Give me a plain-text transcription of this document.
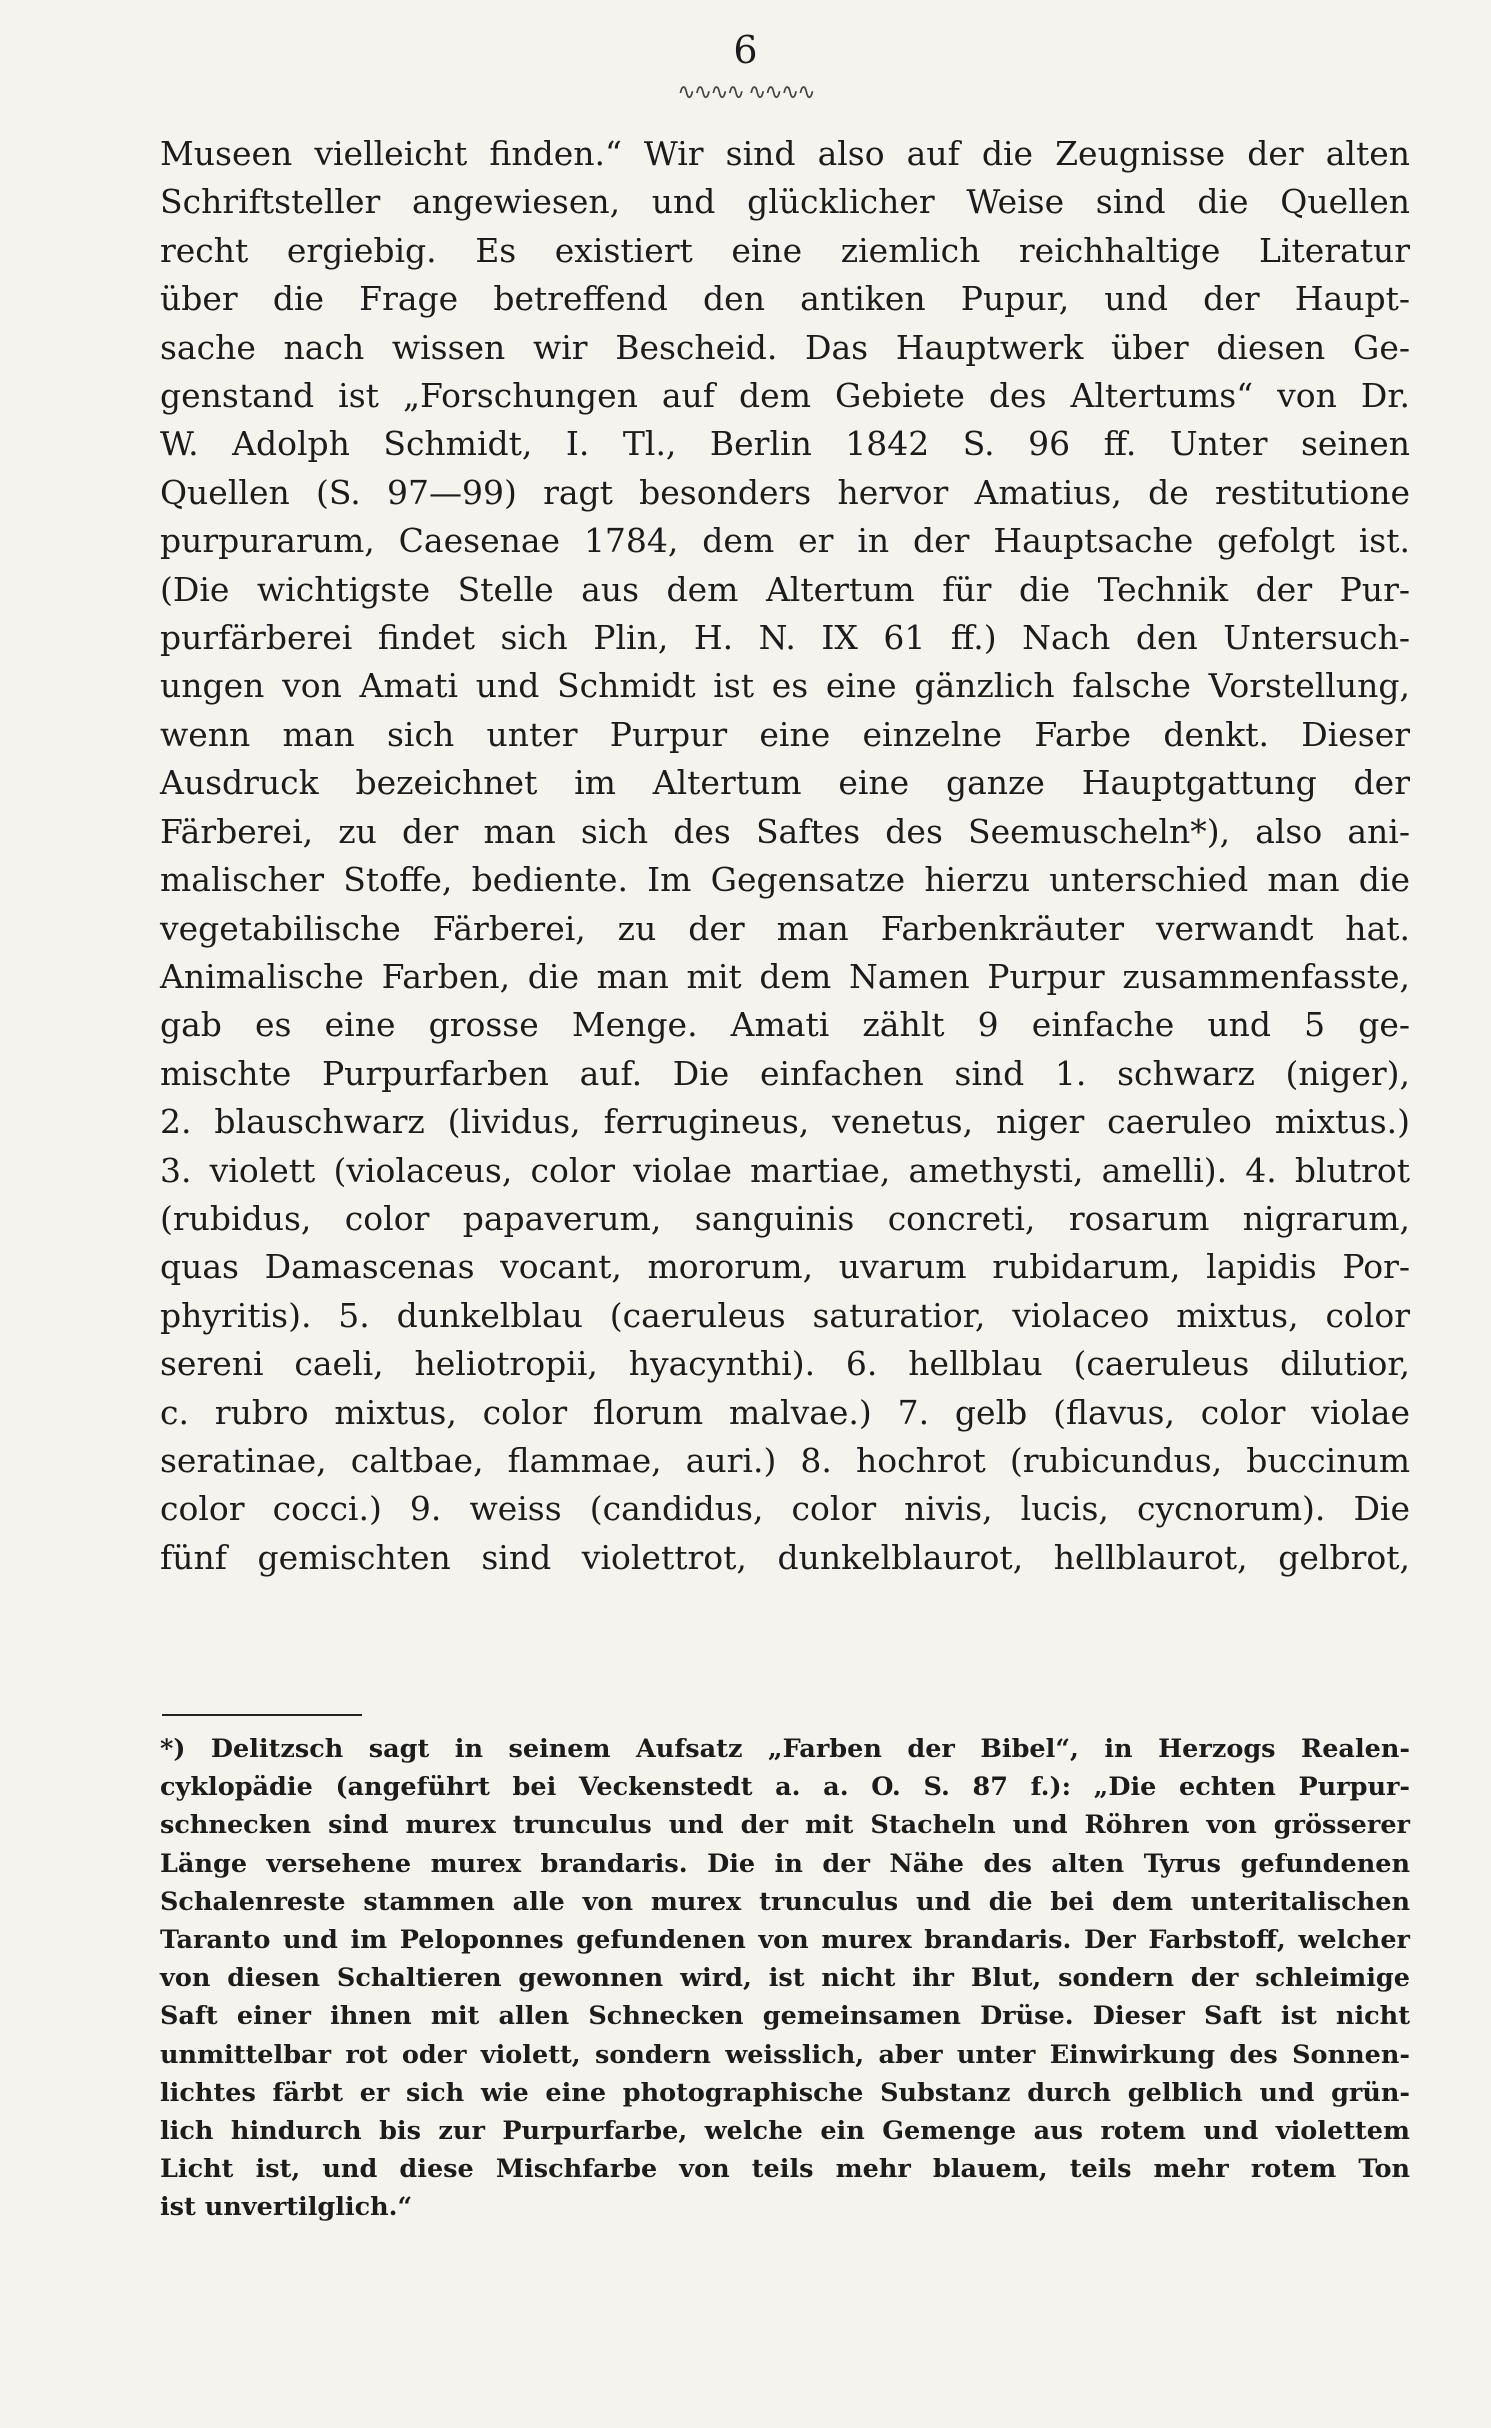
6
∿∿∿∿ ∿∿∿∿
Museen vielleicht finden.“ Wir sind also auf die Zeugnisse der alten
Schriftsteller angewiesen, und glücklicher Weise sind die Quellen
recht ergiebig. Es existiert eine ziemlich reichhaltige Literatur
über die Frage betreffend den antiken Pupur, und der Haupt-
sache nach wissen wir Bescheid. Das Hauptwerk über diesen Ge-
genstand ist „Forschungen auf dem Gebiete des Altertums“ von Dr.
W. Adolph Schmidt, I. Tl., Berlin 1842 S. 96 ff. Unter seinen
Quellen (S. 97—99) ragt besonders hervor Amatius, de restitutione
purpurarum, Caesenae 1784, dem er in der Hauptsache gefolgt ist.
(Die wichtigste Stelle aus dem Altertum für die Technik der Pur-
purfärberei findet sich Plin, H. N. IX 61 ff.) Nach den Untersuch-
ungen von Amati und Schmidt ist es eine gänzlich falsche Vorstellung,
wenn man sich unter Purpur eine einzelne Farbe denkt. Dieser
Ausdruck bezeichnet im Altertum eine ganze Hauptgattung der
Färberei, zu der man sich des Saftes des Seemuscheln*), also ani-
malischer Stoffe, bediente. Im Gegensatze hierzu unterschied man die
vegetabilische Färberei, zu der man Farbenkräuter verwandt hat.
Animalische Farben, die man mit dem Namen Purpur zusammenfasste,
gab es eine grosse Menge. Amati zählt 9 einfache und 5 ge-
mischte Purpurfarben auf. Die einfachen sind 1. schwarz (niger),
2. blauschwarz (lividus, ferrugineus, venetus, niger caeruleo mixtus.)
3. violett (violaceus, color violae martiae, amethysti, amelli). 4. blutrot
(rubidus, color papaverum, sanguinis concreti, rosarum nigrarum,
quas Damascenas vocant, mororum, uvarum rubidarum, lapidis Por-
phyritis). 5. dunkelblau (caeruleus saturatior, violaceo mixtus, color
sereni caeli, heliotropii, hyacynthi). 6. hellblau (caeruleus dilutior,
c. rubro mixtus, color florum malvae.) 7. gelb (flavus, color violae
seratinae, caltbae, flammae, auri.) 8. hochrot (rubicundus, buccinum
color cocci.) 9. weiss (candidus, color nivis, lucis, cycnorum). Die
fünf gemischten sind violettrot, dunkelblaurot, hellblaurot, gelbrot,
*) Delitzsch sagt in seinem Aufsatz „Farben der Bibel“, in Herzogs Realen-
cyklopädie (angeführt bei Veckenstedt a. a. O. S. 87 f.): „Die echten Purpur-
schnecken sind murex trunculus und der mit Stacheln und Röhren von grösserer
Länge versehene murex brandaris. Die in der Nähe des alten Tyrus gefundenen
Schalenreste stammen alle von murex trunculus und die bei dem unteritalischen
Taranto und im Peloponnes gefundenen von murex brandaris. Der Farbstoff, welcher
von diesen Schaltieren gewonnen wird, ist nicht ihr Blut, sondern der schleimige
Saft einer ihnen mit allen Schnecken gemeinsamen Drüse. Dieser Saft ist nicht
unmittelbar rot oder violett, sondern weisslich, aber unter Einwirkung des Sonnen-
lichtes färbt er sich wie eine photographische Substanz durch gelblich und grün-
lich hindurch bis zur Purpurfarbe, welche ein Gemenge aus rotem und violettem
Licht ist, und diese Mischfarbe von teils mehr blauem, teils mehr rotem Ton
ist unvertilglich.“
